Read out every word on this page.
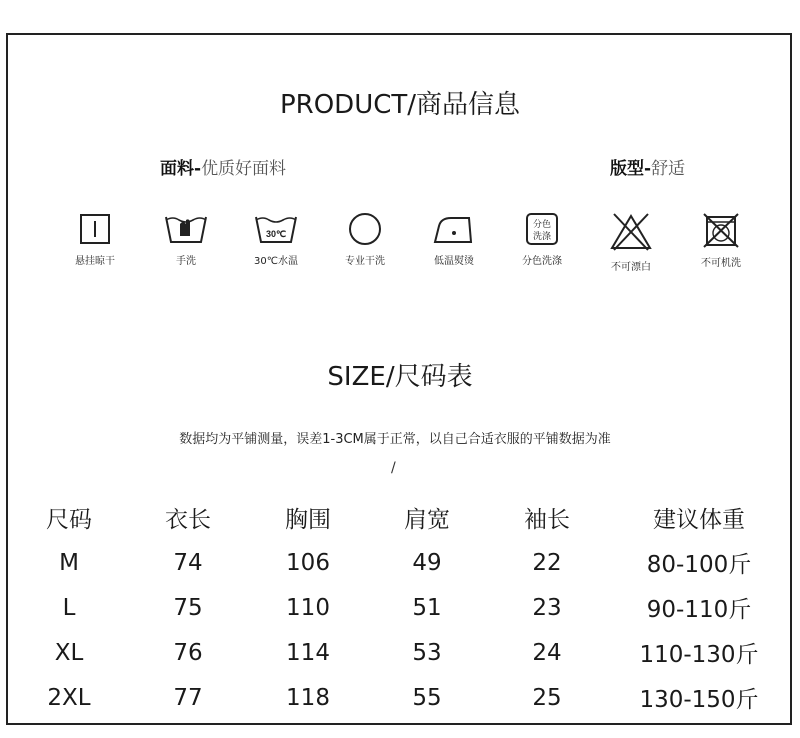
PRODUCT/商品信息
面料-优质好面料	版型-舒适
悬挂晾干	手洗
30℃
30℃水温	专业干洗	低温熨烫
分色
洗涤
分色洗涤
不可漂白	不可机洗
SIZE/尺码表
数据均为平铺测量，误差1-3CM属于正常，以自己合适衣服的平铺数据为准
/
尺码	衣长	胸围	肩宽	袖长	建议体重
M	74	106	49	22	80-100斤
L	75	110	51	23	90-110斤
XL	76	114	53	24	110-130斤
2XL	77	118	55	25	130-150斤
